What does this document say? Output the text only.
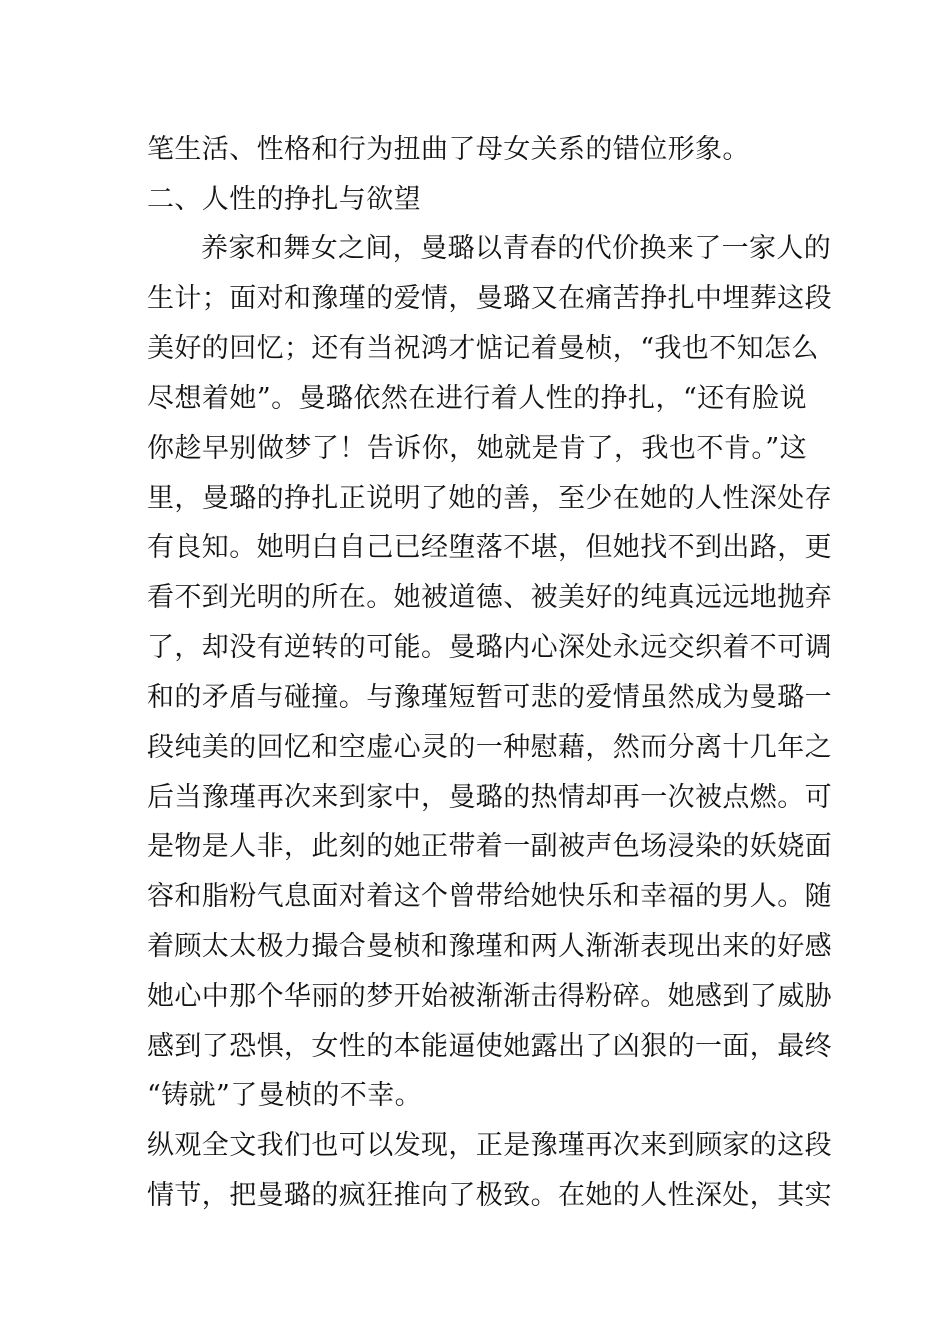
笔生活、性格和行为扭曲了母女关系的错位形象。
二、人性的挣扎与欲望
养家和舞女之间，曼璐以青春的代价换来了一家人的
生计；面对和豫瑾的爱情，曼璐又在痛苦挣扎中埋葬这段
美好的回忆；还有当祝鸿才惦记着曼桢，“我也不知怎么
尽想着她”。曼璐依然在进行着人性的挣扎，“还有脸说
你趁早别做梦了！告诉你，她就是肯了，我也不肯。”这
里，曼璐的挣扎正说明了她的善，至少在她的人性深处存
有良知。她明白自己已经堕落不堪，但她找不到出路，更
看不到光明的所在。她被道德、被美好的纯真远远地抛弃
了，却没有逆转的可能。曼璐内心深处永远交织着不可调
和的矛盾与碰撞。与豫瑾短暂可悲的爱情虽然成为曼璐一
段纯美的回忆和空虚心灵的一种慰藉，然而分离十几年之
后当豫瑾再次来到家中，曼璐的热情却再一次被点燃。可
是物是人非，此刻的她正带着一副被声色场浸染的妖娆面
容和脂粉气息面对着这个曾带给她快乐和幸福的男人。随
着顾太太极力撮合曼桢和豫瑾和两人渐渐表现出来的好感
她心中那个华丽的梦开始被渐渐击得粉碎。她感到了威胁
感到了恐惧，女性的本能逼使她露出了凶狠的一面，最终
“铸就”了曼桢的不幸。
纵观全文我们也可以发现，正是豫瑾再次来到顾家的这段
情节，把曼璐的疯狂推向了极致。在她的人性深处，其实
